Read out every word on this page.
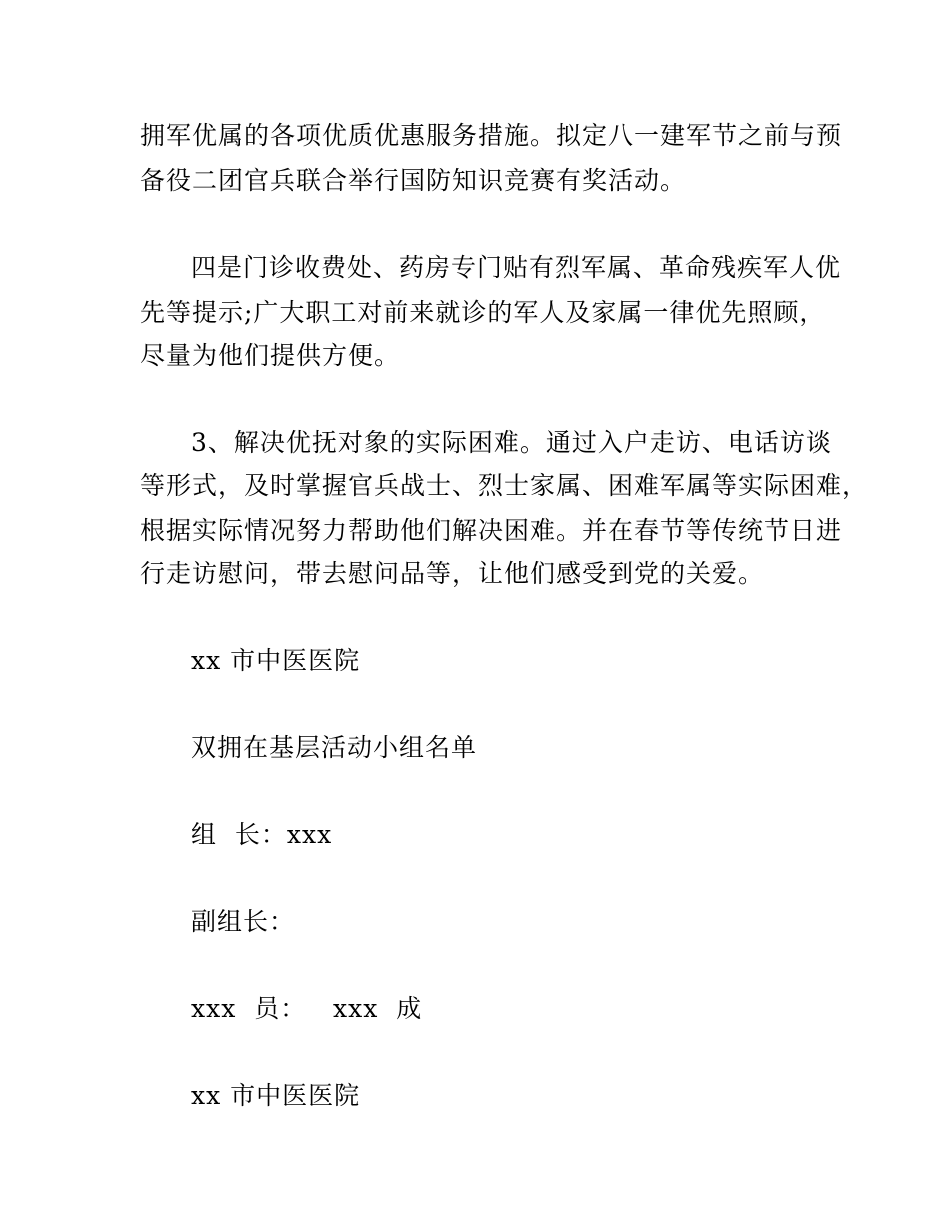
拥军优属的各项优质优惠服务措施。拟定八一建军节之前与预
备役二团官兵联合举行国防知识竞赛有奖活动。
四是门诊收费处、药房专门贴有烈军属、革命残疾军人优
先等提示;广大职工对前来就诊的军人及家属一律优先照顾，
尽量为他们提供方便。
3、解决优抚对象的实际困难。通过入户走访、电话访谈
等形式，及时掌握官兵战士、烈士家属、困难军属等实际困难，
根据实际情况努力帮助他们解决困难。并在春节等传统节日进
行走访慰问，带去慰问品等，让他们感受到党的关爱。
xx 市中医医院
双拥在基层活动小组名单
组  长：xxx
副组长：
xxx  员：   xxx  成
xx 市中医医院
